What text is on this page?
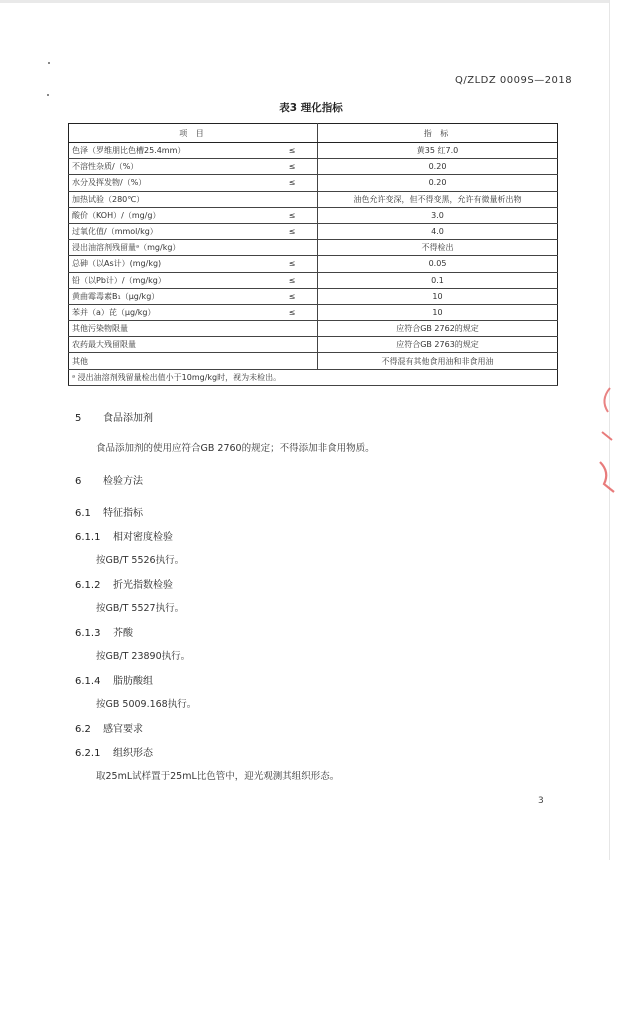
Q/ZLDZ 0009S—2018
表3 理化指标
项 目		指 标
色泽（罗维朋比色槽25.4mm）	≤	黄35 红7.0
不溶性杂质/（%）	≤	0.20
水分及挥发物/（%）	≤	0.20
加热试验（280℃）		油色允许变深，但不得变黑，允许有微量析出物
酸价（KOH）/（mg/g）	≤	3.0
过氧化值/（mmol/kg）	≤	4.0
浸出油溶剂残留量ᵃ（mg/kg）		不得检出
总砷（以As计）(mg/kg)	≤	0.05
铅（以Pb计）/（mg/kg）	≤	0.1
黄曲霉毒素B₁（μg/kg）	≤	10
苯并（a）芘（μg/kg）	≤	10
其他污染物限量		应符合GB 2762的规定
农药最大残留限量		应符合GB 2763的规定
其他		不得混有其他食用油和非食用油
ᵃ 浸出油溶剂残留量检出值小于10mg/kg时，视为未检出。		
5 食品添加剂
食品添加剂的使用应符合GB 2760的规定；不得添加非食用物质。
6 检验方法
6.1 特征指标
6.1.1 相对密度检验
按GB/T 5526执行。
6.1.2 折光指数检验
按GB/T 5527执行。
6.1.3 芥酸
按GB/T 23890执行。
6.1.4 脂肪酸组
按GB 5009.168执行。
6.2 感官要求
6.2.1 组织形态
取25mL试样置于25mL比色管中，迎光观测其组织形态。
3
